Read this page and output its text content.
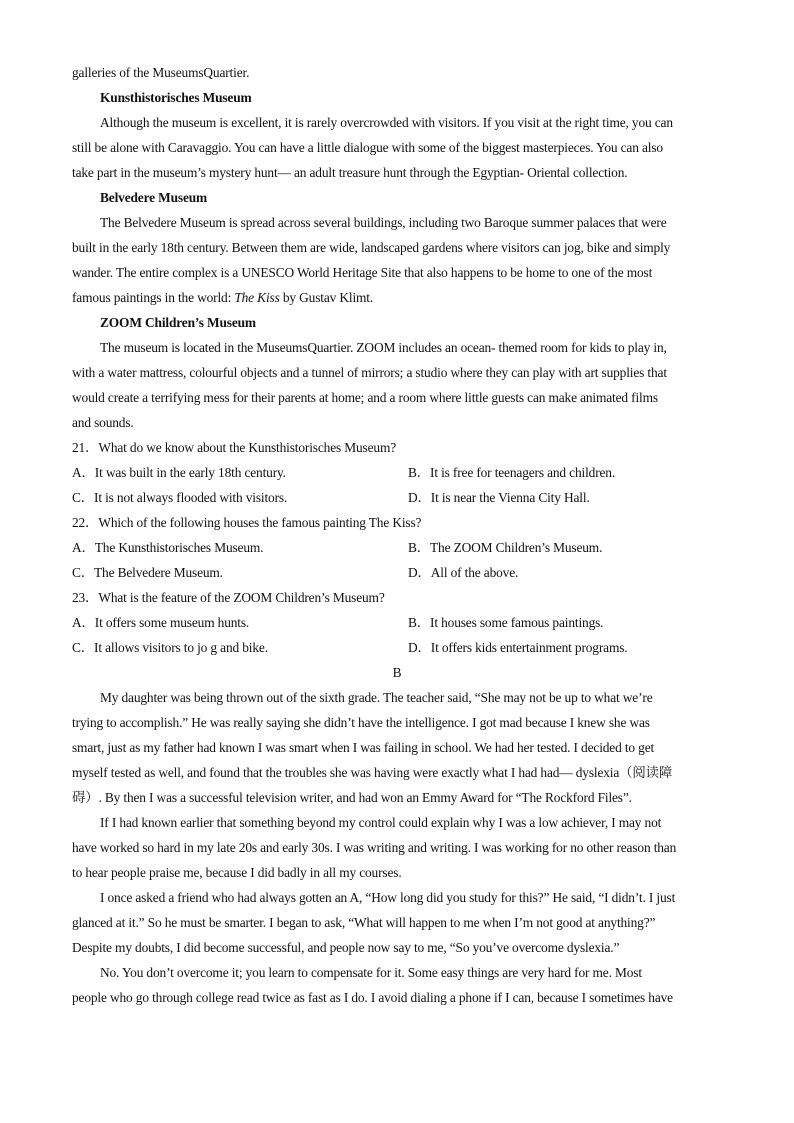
galleries of the MuseumsQuartier.
Kunsthistorisches Museum
Although the museum is excellent, it is rarely overcrowded with visitors. If you visit at the right time, you can
still be alone with Caravaggio. You can have a little dialogue with some of the biggest masterpieces. You can also
take part in the museum’s mystery hunt— an adult treasure hunt through the Egyptian- Oriental collection.
Belvedere Museum
The Belvedere Museum is spread across several buildings, including two Baroque summer palaces that were
built in the early 18th century. Between them are wide, landscaped gardens where visitors can jog, bike and simply
wander. The entire complex is a UNESCO World Heritage Site that also happens to be home to one of the most
famous paintings in the world: The Kiss by Gustav Klimt.
ZOOM Children’s Museum
The museum is located in the MuseumsQuartier. ZOOM includes an ocean- themed room for kids to play in,
with a water mattress, colourful objects and a tunnel of mirrors; a studio where they can play with art supplies that
would create a terrifying mess for their parents at home; and a room where little guests can make animated films
and sounds.
21．What do we know about the Kunsthistorisches Museum?
A．It was built in the early 18th century.	B．It is free for teenagers and children.
C．It is not always flooded with visitors.	D．It is near the Vienna City Hall.
22．Which of the following houses the famous painting The Kiss?
A．The Kunsthistorisches Museum.	B．The ZOOM Children’s Museum.
C．The Belvedere Museum.	D．All of the above.
23．What is the feature of the ZOOM Children’s Museum?
A．It offers some museum hunts.	B．It houses some famous paintings.
C．It allows visitors to jo g and bike.	D．It offers kids entertainment programs.
B
My daughter was being thrown out of the sixth grade. The teacher said, “She may not be up to what we’re
trying to accomplish.” He was really saying she didn’t have the intelligence. I got mad because I knew she was
smart, just as my father had known I was smart when I was failing in school. We had her tested. I decided to get
myself tested as well, and found that the troubles she was having were exactly what I had had— dyslexia（阅读障
碍）. By then I was a successful television writer, and had won an Emmy Award for “The Rockford Files”.
If I had known earlier that something beyond my control could explain why I was a low achiever, I may not
have worked so hard in my late 20s and early 30s. I was writing and writing. I was working for no other reason than
to hear people praise me, because I did badly in all my courses.
I once asked a friend who had always gotten an A, “How long did you study for this?” He said, “I didn’t. I just
glanced at it.” So he must be smarter. I began to ask, “What will happen to me when I’m not good at anything?”
Despite my doubts, I did become successful, and people now say to me, “So you’ve overcome dyslexia.”
No. You don’t overcome it; you learn to compensate for it. Some easy things are very hard for me. Most
people who go through college read twice as fast as I do. I avoid dialing a phone if I can, because I sometimes have
